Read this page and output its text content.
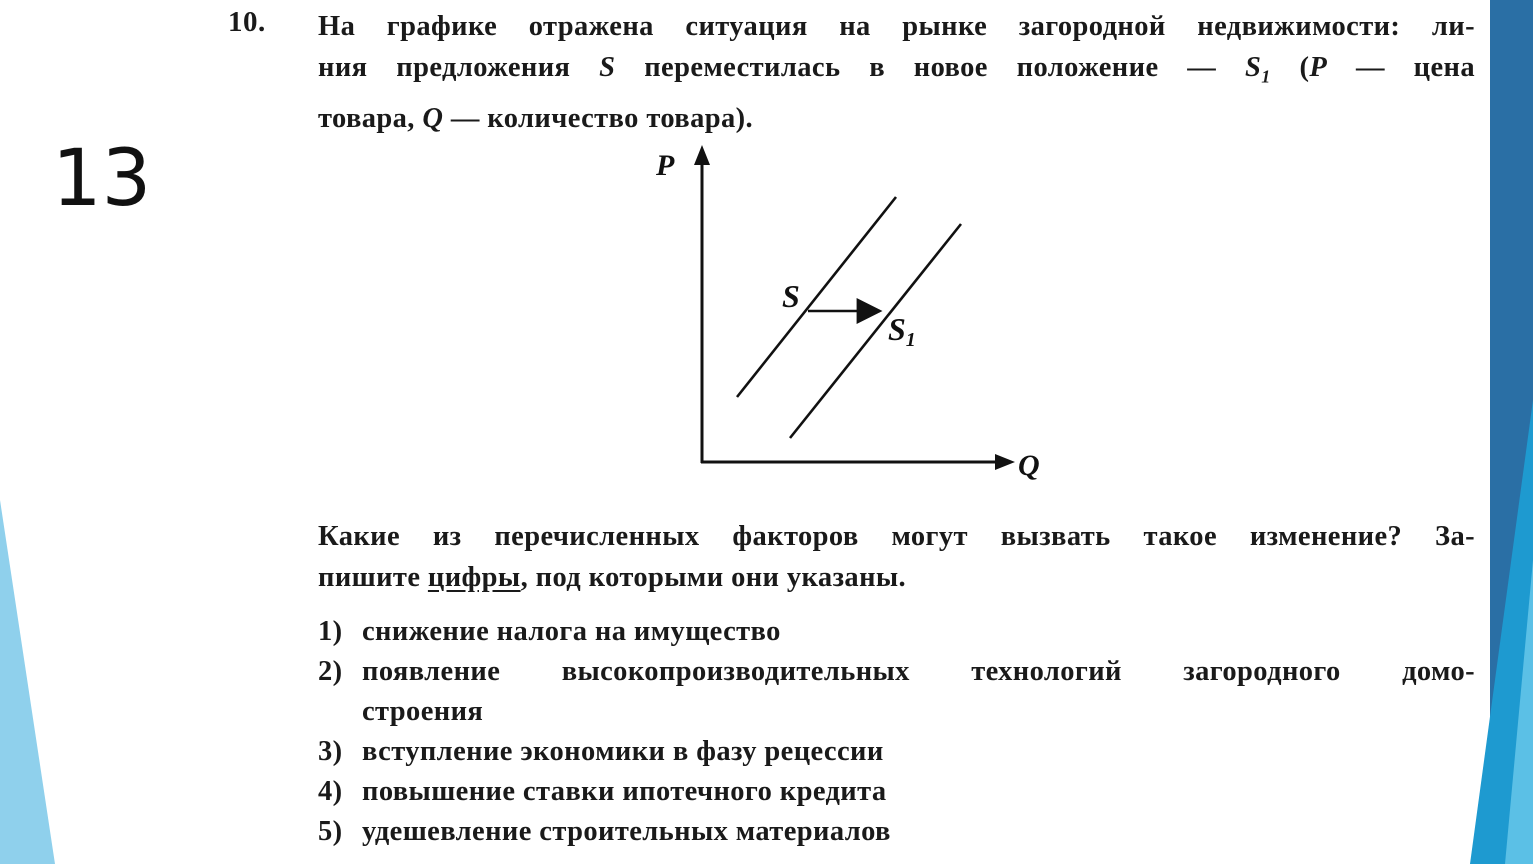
13
10. На графике отражена ситуация на рынке загородной недвижимости: ли-
ния предложения S переместилась в новое положение — $S_1$ (P — цена
товара, Q — количество товара).
Какие из перечисленных факторов могут вызвать такое изменение? За-
пишите цифры, под которыми они указаны.
1) снижение налога на имущество
2) появление высокопроизводительных технологий загородного домо-
строения
3) вступление экономики в фазу рецессии
4) повышение ставки ипотечного кредита
5) удешевление строительных материалов
P
Q
S
S1
